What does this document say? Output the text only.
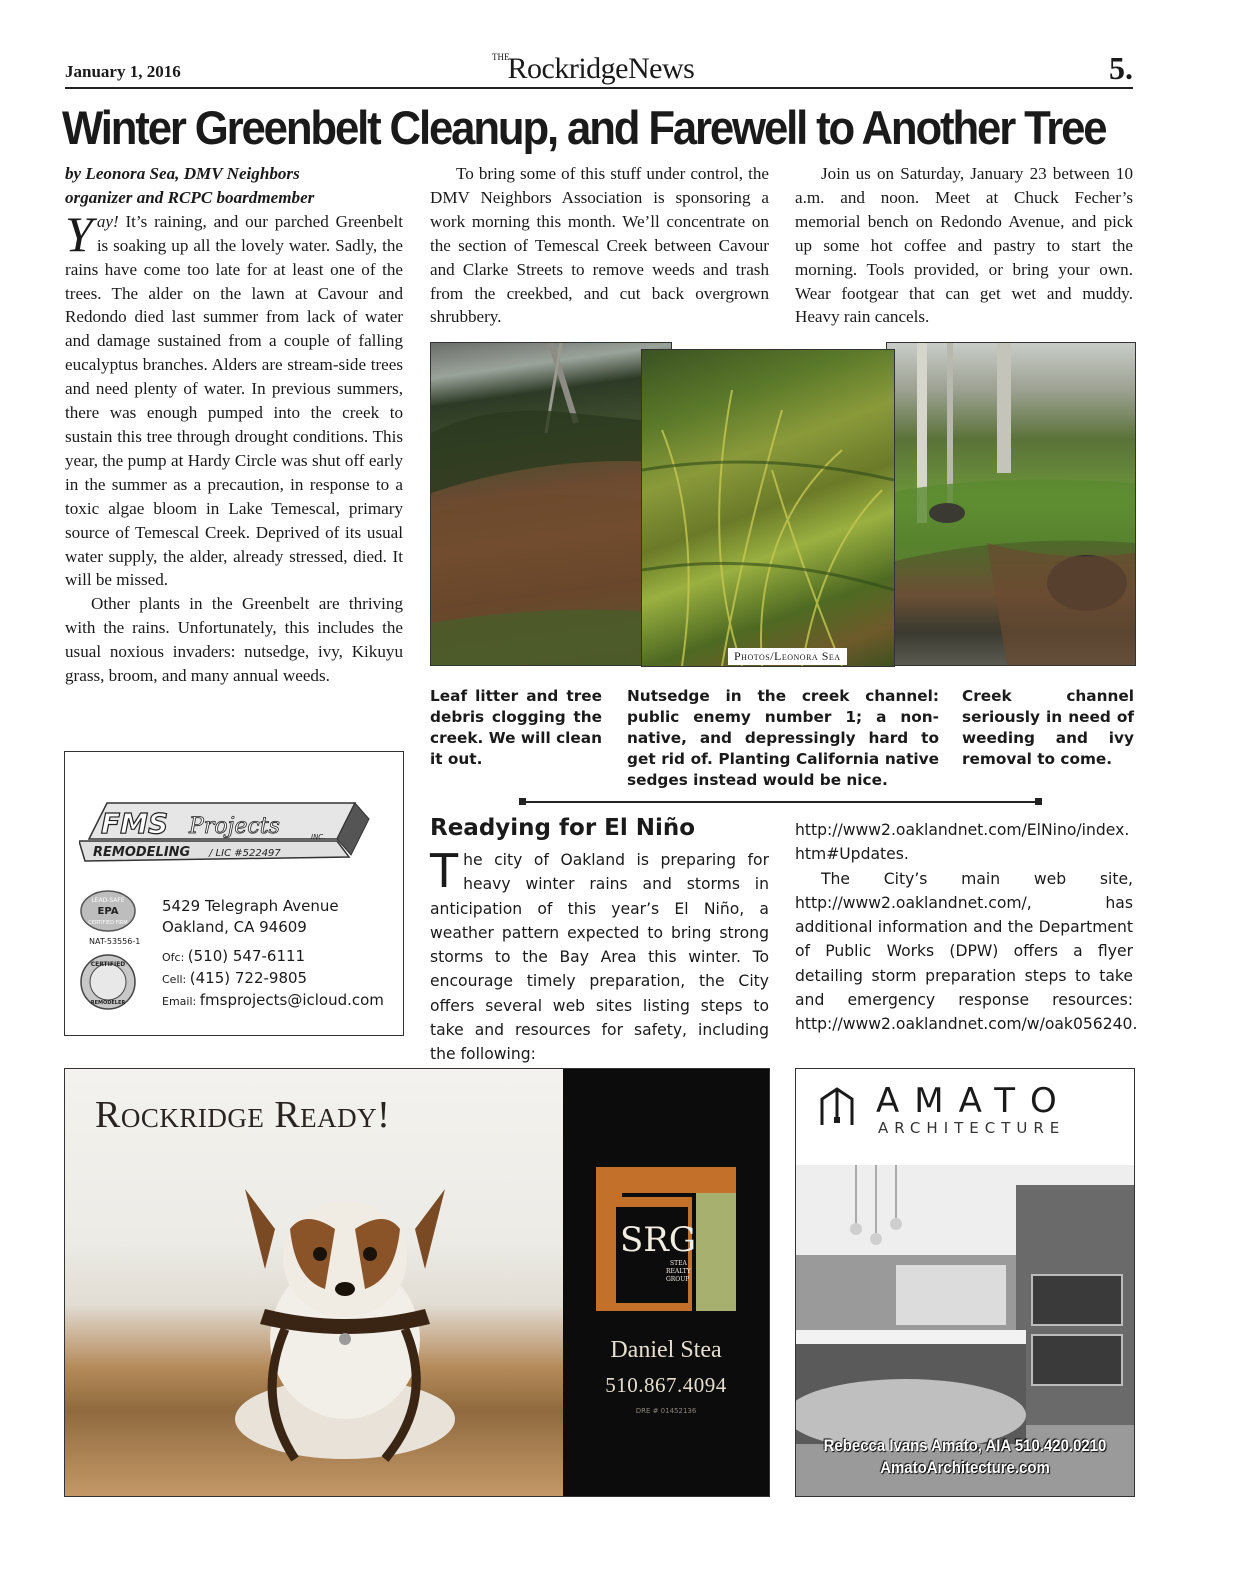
January 1, 2016
$^{THE}$RockridgeNews	5.
Winter Greenbelt Cleanup, and Farewell to Another Tree

by Leonora Sea, DMV Neighbors
organizer and RCPC boardmember

Yay! It’s raining, and our parched Greenbelt is soaking up all the lovely water. Sadly, the rains have come too late for at least one of the trees. The alder on the lawn at Cavour and Redondo died last summer from lack of water and damage sustained from a couple of falling eucalyptus branches. Alders are stream-side trees and need plenty of water. In previous summers, there was enough pumped into the creek to sustain this tree through drought conditions. This year, the pump at Hardy Circle was shut off early in the summer as a precaution, in response to a toxic algae bloom in Lake Temescal, primary source of Temescal Creek. Deprived of its usual water supply, the alder, already stressed, died. It will be missed.

Other plants in the Greenbelt are thriving with the rains. Unfortunately, this includes the usual noxious invaders: nutsedge, ivy, Kikuyu grass, broom, and many annual weeds.

To bring some of this stuff under control, the DMV Neighbors Association is sponsoring a work morning this month. We’ll concentrate on the section of Temescal Creek between Cavour and Clarke Streets to remove weeds and trash from the creekbed, and cut back overgrown shrubbery.

Join us on Saturday, January 23 between 10 a.m. and noon. Meet at Chuck Fecher’s memorial bench on Redondo Avenue, and pick up some hot coffee and pastry to start the morning. Tools provided, or bring your own. Wear footgear that can get wet and muddy. Heavy rain cancels.

Photos/Leonora Sea
Leaf litter and tree debris clogging the creek. We will clean it out.
Nutsedge in the creek channel: public enemy number 1; a non-native, and depressingly hard to get rid of. Planting California native sedges instead would be nice.
Creek channel seriously in need of weeding and ivy removal to come.
Readying for El Niño

The city of Oakland is preparing for heavy winter rains and storms in anticipation of this year’s El Niño, a weather pattern expected to bring strong storms to the Bay Area this winter. To encourage timely preparation, the City offers several web sites listing steps to take and resources for safety, including the following:

http://www2.oaklandnet.com/ElNino/index.htm#Updates.

The City’s main web site, http://www2.oaklandnet.com/, has additional information and the Department of Public Works (DPW) offers a flyer detailing storm preparation steps to take and emergency response resources: http://www2.oaklandnet.com/w/oak056240.

FMS Projects	INC.
REMODELING / LIC #522497
LEAD-SAFE
EPA
CERTIFIED FIRM
NAT-53556-1
CERTIFIED
REMODELER
5429 Telegraph Avenue
Oakland, CA 94609
Ofc: (510) 547-6111
Cell: (415) 722-9805
Email: fmsprojects@icloud.com
Rockridge Ready!
SRG
STEA
REALTY
GROUP
Daniel Stea
510.867.4094
DRE # 01452136
AMATO
ARCHITECTURE
Rebecca Ivans Amato, AIA 510.420.0210
AmatoArchitecture.com
